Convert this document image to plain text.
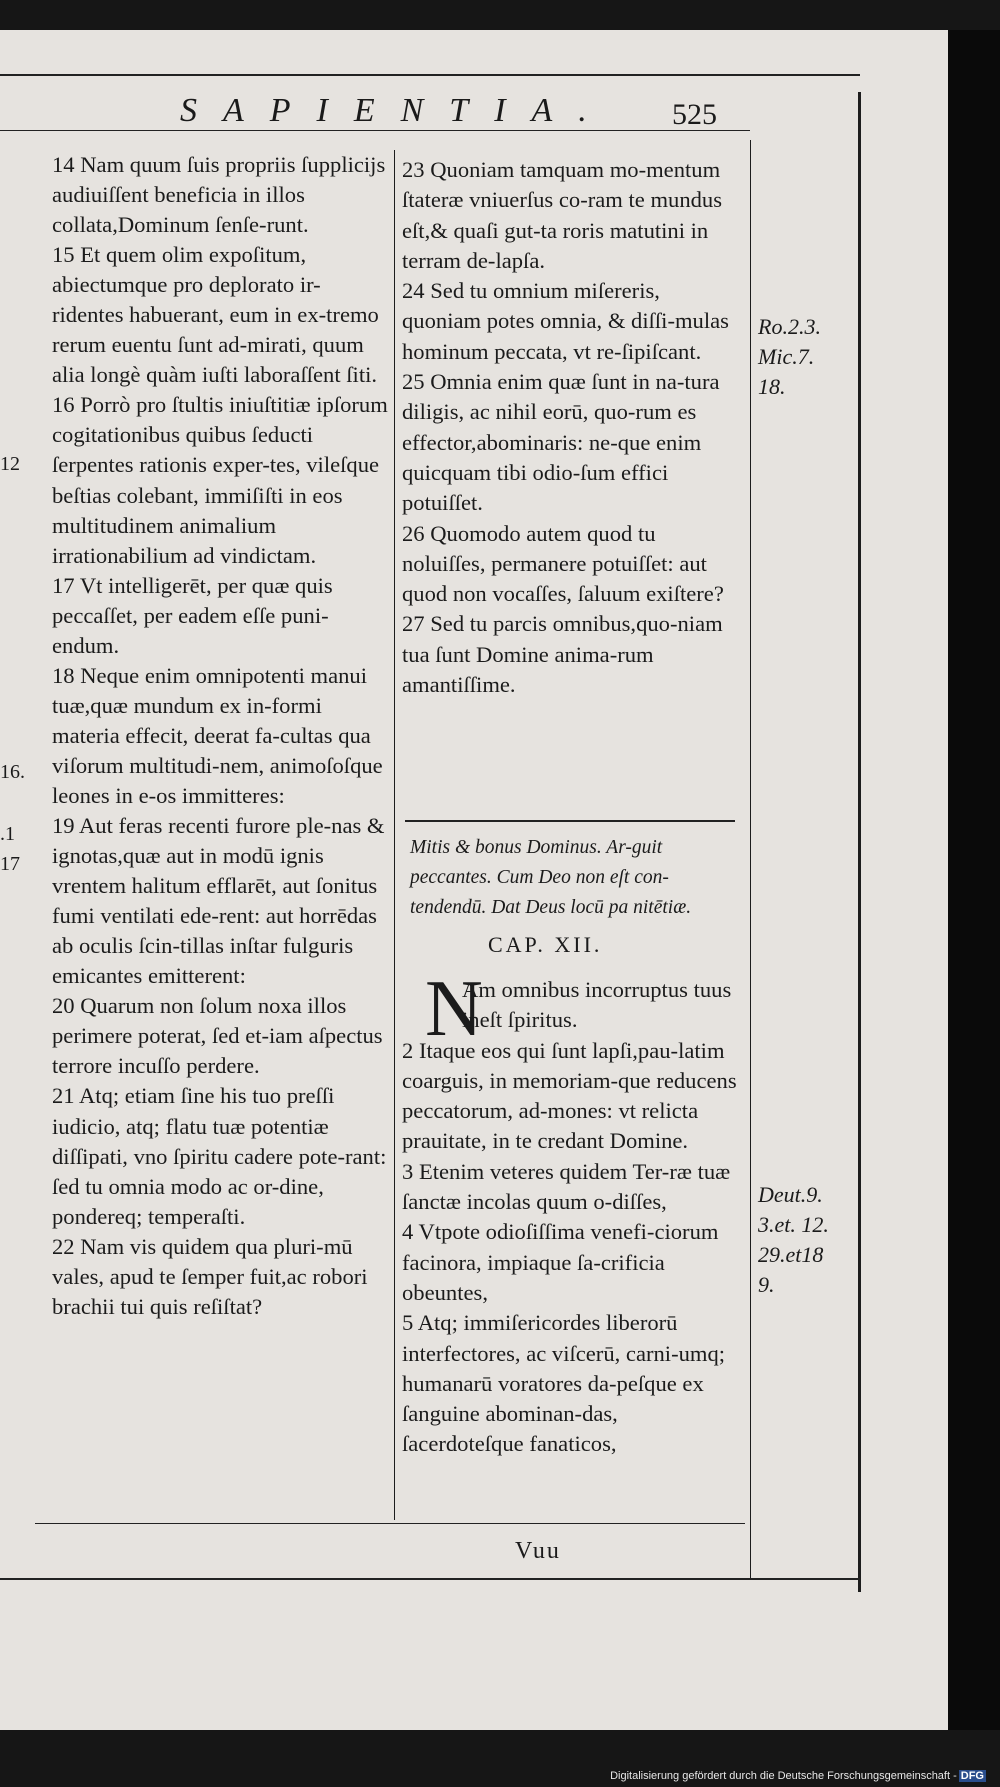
SAPIENTIA. 525

14 Nam quum ſuis propriis ſupplicijs audiuiſſent beneficia in illos collata,Dominum ſenſe-runt.

15 Et quem olim expoſitum, abiectumque pro deplorato ir-ridentes habuerant, eum in ex-tremo rerum euentu ſunt ad-mirati, quum alia longè quàm iuſti laboraſſent ſiti.

16 Porrò pro ſtultis iniuſtitiæ ipſorum cogitationibus quibus ſeducti ſerpentes rationis exper-tes, vileſque beſtias colebant, immiſiſti in eos multitudinem animalium irrationabilium ad vindictam.

17 Vt intelligerēt, per quæ quis peccaſſet, per eadem eſſe puni-endum.

18 Neque enim omnipotenti manui tuæ,quæ mundum ex in-formi materia effecit, deerat fa-cultas qua viſorum multitudi-nem, animoſoſque leones in e-os immitteres:

19 Aut feras recenti furore ple-nas & ignotas,quæ aut in modū ignis vrentem halitum efflarēt, aut ſonitus fumi ventilati ede-rent: aut horrēdas ab oculis ſcin-tillas inſtar fulguris emicantes emitterent:

20 Quarum non ſolum noxa illos perimere poterat, ſed et-iam aſpectus terrore incuſſo perdere.

21 Atq; etiam ſine his tuo preſſi iudicio, atq; flatu tuæ potentiæ diſſipati, vno ſpiritu cadere pote-rant: ſed tu omnia modo ac or-dine, pondereq; temperaſti.

22 Nam vis quidem qua pluri-mū vales, apud te ſemper fuit,ac robori brachii tui quis reſiſtat?

23 Quoniam tamquam mo-mentum ſtateræ vniuerſus co-ram te mundus eſt,& quaſi gut-ta roris matutini in terram de-lapſa.

24 Sed tu omnium miſereris, quoniam potes omnia, & diſſi-mulas hominum peccata, vt re-ſipiſcant.

25 Omnia enim quæ ſunt in na-tura diligis, ac nihil eorū, quo-rum es effector,abominaris: ne-que enim quicquam tibi odio-ſum effici potuiſſet.

26 Quomodo autem quod tu noluiſſes, permanere potuiſſet: aut quod non vocaſſes, ſaluum exiſtere?

27 Sed tu parcis omnibus,quo-niam tua ſunt Domine anima-rum amantiſſime.

Mitis & bonus Dominus. Ar-guit peccantes. Cum Deo non eſt con-tendendū. Dat Deus locū pa nitētiæ.
CAP. XII.
N

Am omnibus incorruptus tuus ineſt ſpiritus.

2 Itaque eos qui ſunt lapſi,pau-latim coarguis, in memoriam-que reducens peccatorum, ad-mones: vt relicta prauitate, in te credant Domine.

3 Etenim veteres quidem Ter-ræ tuæ ſanctæ incolas quum o-diſſes,

4 Vtpote odioſiſſima venefi-ciorum facinora, impiaque ſa-crificia obeuntes,

5 Atq; immiſericordes liberorū interfectores, ac viſcerū, carni-umq; humanarū voratores da-peſque ex ſanguine abominan-das, ſacerdoteſque fanaticos,

Ro.2.3.
Mic.7.
18.
Deut.9.
3.et. 12.
29.et18
9.
12
16.
.1
17
Vuu
Digitalisierung gefördert durch die Deutsche Forschungsgemeinschaft - DFG
